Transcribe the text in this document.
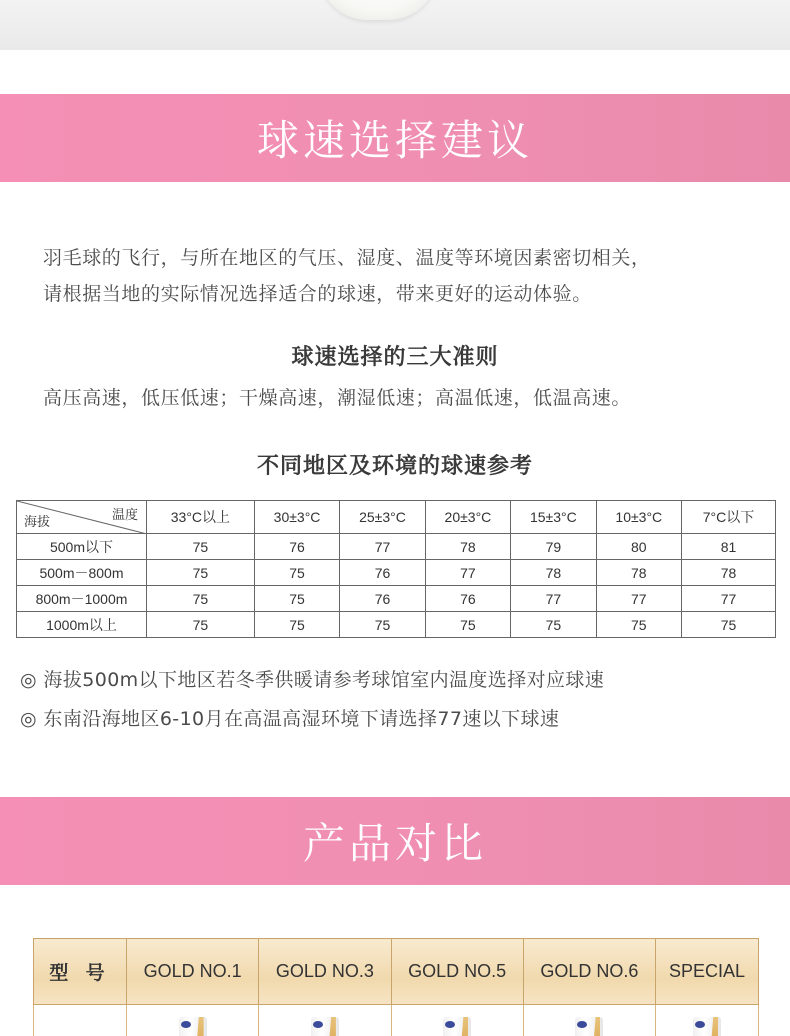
球速选择建议
羽毛球的飞行，与所在地区的气压、湿度、温度等环境因素密切相关，
请根据当地的实际情况选择适合的球速，带来更好的运动体验。
球速选择的三大准则
高压高速，低压低速；干燥高速，潮湿低速；高温低速，低温高速。
不同地区及环境的球速参考
温度
海拔	33°C以上	30±3°C	25±3°C	20±3°C	15±3°C	10±3°C	7°C以下
500m以下	75	76	77	78	79	80	81
500m－800m	75	75	76	77	78	78	78
800m－1000m	75	75	76	76	77	77	77
1000m以上	75	75	75	75	75	75	75
◎ 海拔500m以下地区若冬季供暖请参考球馆室内温度选择对应球速
◎ 东南沿海地区6-10月在高温高湿环境下请选择77速以下球速
产品对比
型 号	GOLD NO.1	GOLD NO.3	GOLD NO.5	GOLD NO.6	SPECIAL
